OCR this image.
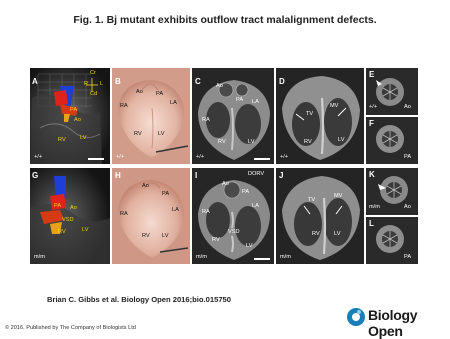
Fig. 1. Bj mutant exhibits outflow tract malalignment defects.
A
Cr
R L
Cd
PA
Ao
RV	LV
+/+
B
Ao PA
RA	LA
RV	LV
+/+
C	Ao
PA
RA
LA
RV	LV
+/+
D
TV
MV
RV	LV
+/+
E
+/+	Ao
F
PA
G
PA Ao
VSD
RV	LV
m/m
H
Ao
PA
RA
LA
RV LV
I
Ao
DORV
PA
RA
LA
VSD
RV
LV
m/m
J
TV
MV
RV	LV
m/m
K
m/m	Ao
L
PA
Brian C. Gibbs et al. Biology Open 2016;bio.015750
Biology Open
© 2016. Published by The Company of Biologists Ltd
